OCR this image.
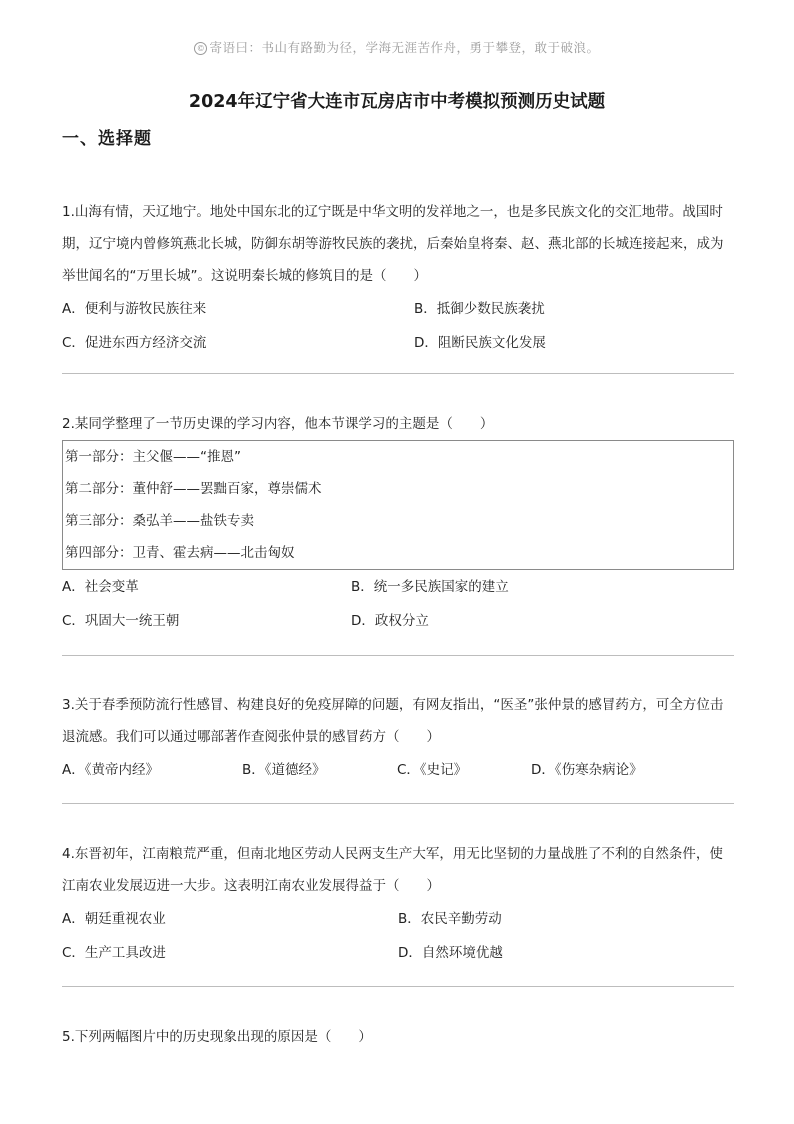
© 寄语曰：书山有路勤为径，学海无涯苦作舟，勇于攀登，敢于破浪。
2024年辽宁省大连市瓦房店市中考模拟预测历史试题
一、选择题

1.山海有情，天辽地宁。地处中国东北的辽宁既是中华文明的发祥地之一，也是多民族文化的交汇地带。战国时期，辽宁境内曾修筑燕北长城，防御东胡等游牧民族的袭扰，后秦始皇将秦、赵、燕北部的长城连接起来，成为举世闻名的“万里长城”。这说明秦长城的修筑目的是（　　）

A．便利与游牧民族往来	B．抵御少数民族袭扰
C．促进东西方经济交流	D．阻断民族文化发展

2.某同学整理了一节历史课的学习内容，他本节课学习的主题是（　　）

第一部分：主父偃——“推恩”
第二部分：董仲舒——罢黜百家，尊崇儒术
第三部分：桑弘羊——盐铁专卖
第四部分：卫青、霍去病——北击匈奴
A．社会变革	B．统一多民族国家的建立
C．巩固大一统王朝	D．政权分立

3.关于春季预防流行性感冒、构建良好的免疫屏障的问题，有网友指出，“医圣”张仲景的感冒药方，可全方位击退流感。我们可以通过哪部著作查阅张仲景的感冒药方（　　）

A．《黄帝内经》	B．《道德经》	C．《史记》	D．《伤寒杂病论》

4.东晋初年，江南粮荒严重，但南北地区劳动人民两支生产大军，用无比坚韧的力量战胜了不利的自然条件，使江南农业发展迈进一大步。这表明江南农业发展得益于（　　）

A．朝廷重视农业	B．农民辛勤劳动
C．生产工具改进	D．自然环境优越

5.下列两幅图片中的历史现象出现的原因是（　　）
